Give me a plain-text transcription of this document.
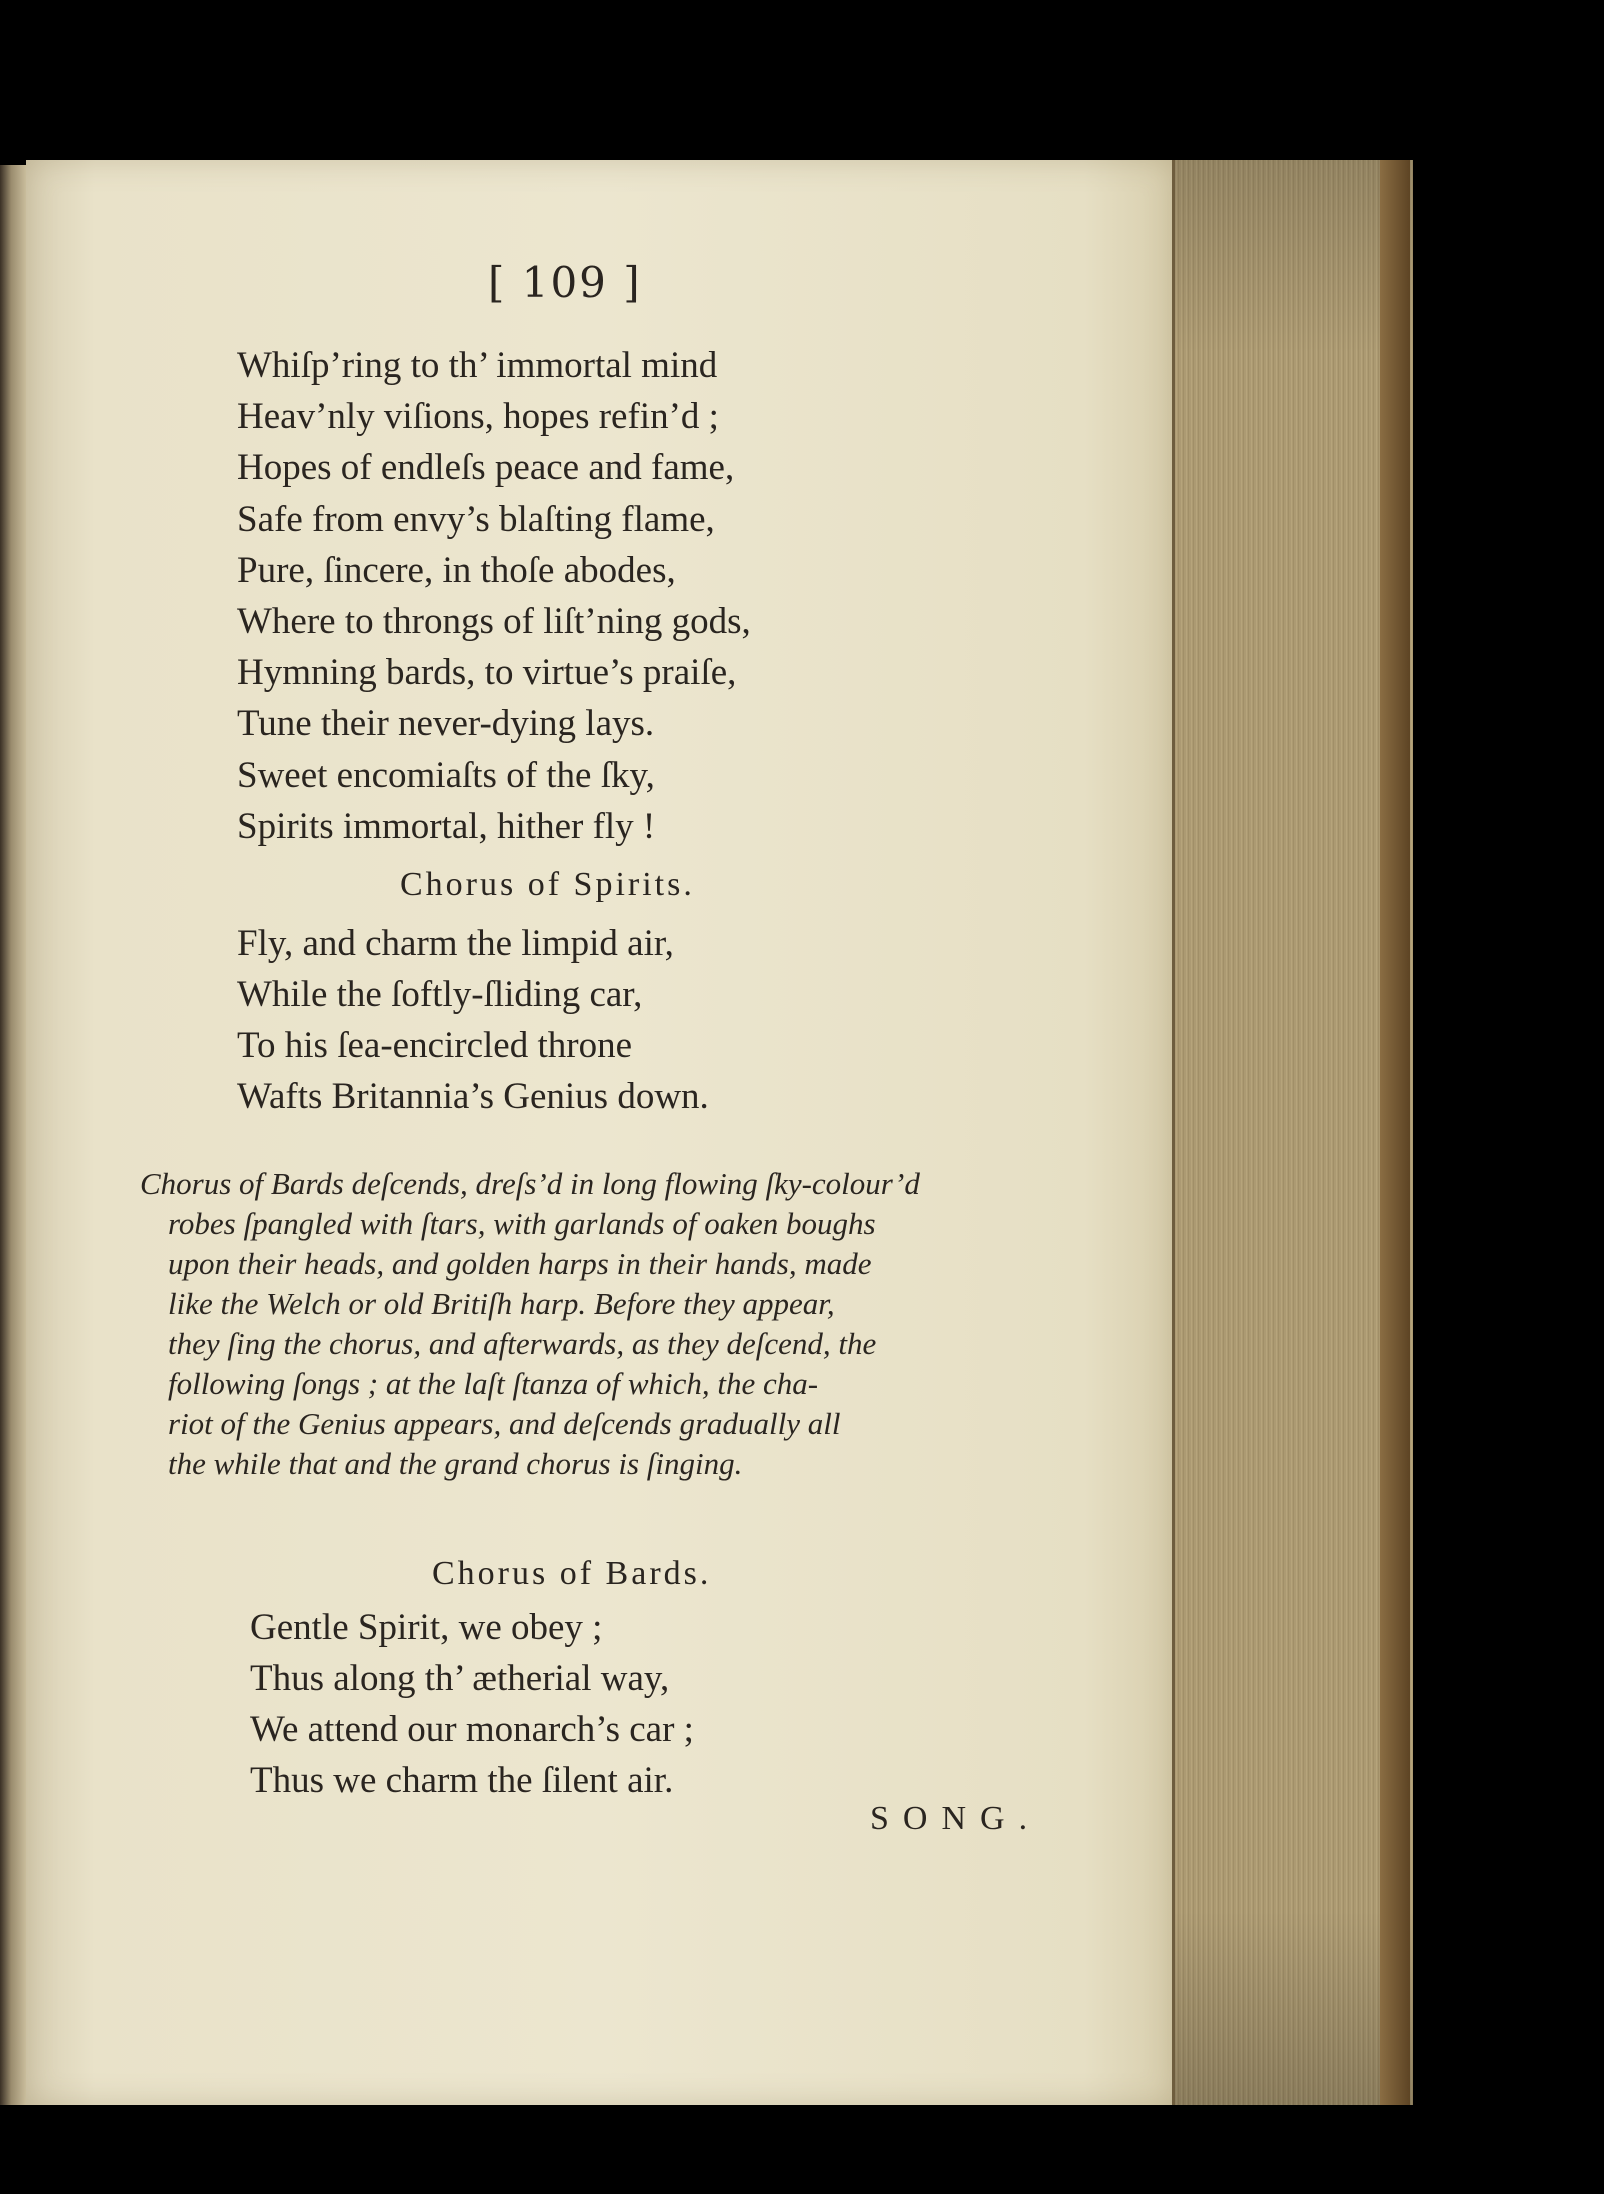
[ 109 ]
Whiſp’ring to th’ immortal mind
Heav’nly viſions, hopes refin’d ;
Hopes of endleſs peace and fame,
Safe from envy’s blaſting flame,
Pure, ſincere, in thoſe abodes,
Where to throngs of liſt’ning gods,
Hymning bards, to virtue’s praiſe,
Tune their never-dying lays.
Sweet encomiaſts of the ſky,
Spirits immortal, hither fly !
Chorus of Spirits.
Fly, and charm the limpid air,
While the ſoftly-ſliding car,
To his ſea-encircled throne
Wafts Britannia’s Genius down.
Chorus of Bards deſcends, dreſs’d in long flowing ſky-colour’d
robes ſpangled with ſtars, with garlands of oaken boughs
upon their heads, and golden harps in their hands, made
like the Welch or old Britiſh harp. Before they appear,
they ſing the chorus, and afterwards, as they deſcend, the
following ſongs ; at the laſt ſtanza of which, the cha-
riot of the Genius appears, and deſcends gradually all
the while that and the grand chorus is ſinging.
Chorus of Bards.
Gentle Spirit, we obey ;
Thus along th’ ætherial way,
We attend our monarch’s car ;
Thus we charm the ſilent air.
SONG.
